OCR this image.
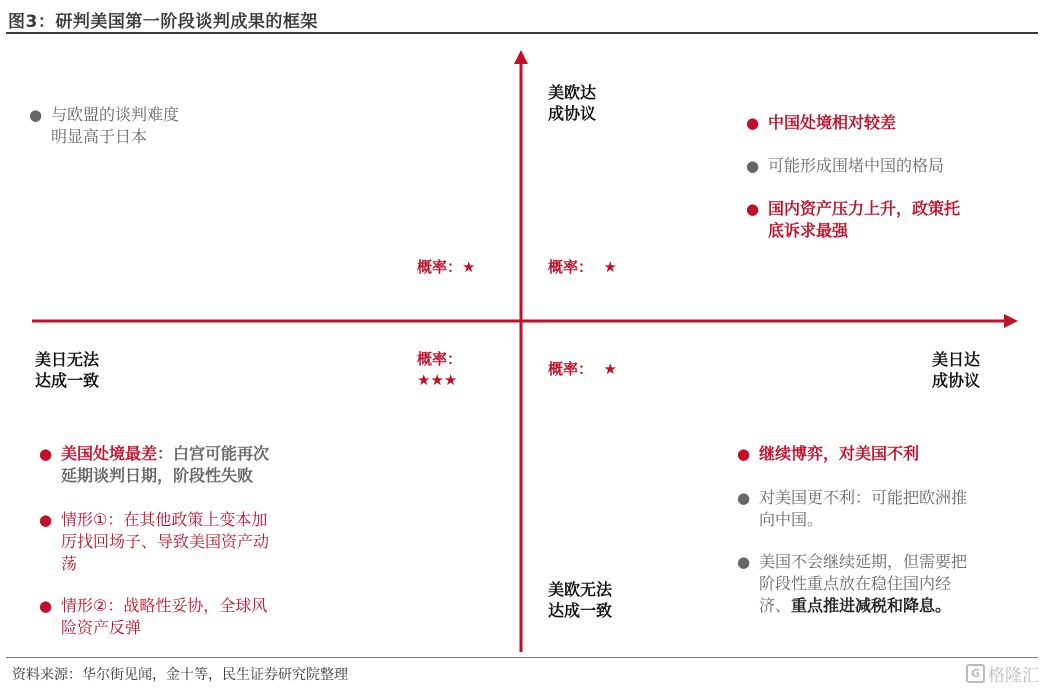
图3：研判美国第一阶段谈判成果的框架
美欧达
成协议
美欧无法
达成一致
美日无法
达成一致
美日达
成协议
概率：★	概率：  ★
概率：
★★★
概率：  ★
● 与欧盟的谈判难度
明显高于日本
● 中国处境相对较差
● 可能形成围堵中国的格局
● 国内资产压力上升，政策托
底诉求最强
● 美国处境最差：白宫可能再次
延期谈判日期，阶段性失败
● 情形①：在其他政策上变本加
厉找回场子、导致美国资产动
荡
● 情形②：战略性妥协，全球风
险资产反弹
● 继续博弈，对美国不利
● 对美国更不利：可能把欧洲推
向中国。
● 美国不会继续延期，但需要把
阶段性重点放在稳住国内经
济、重点推进减税和降息。
资料来源：华尔街见闻，金十等，民生证券研究院整理	G 格隆汇
